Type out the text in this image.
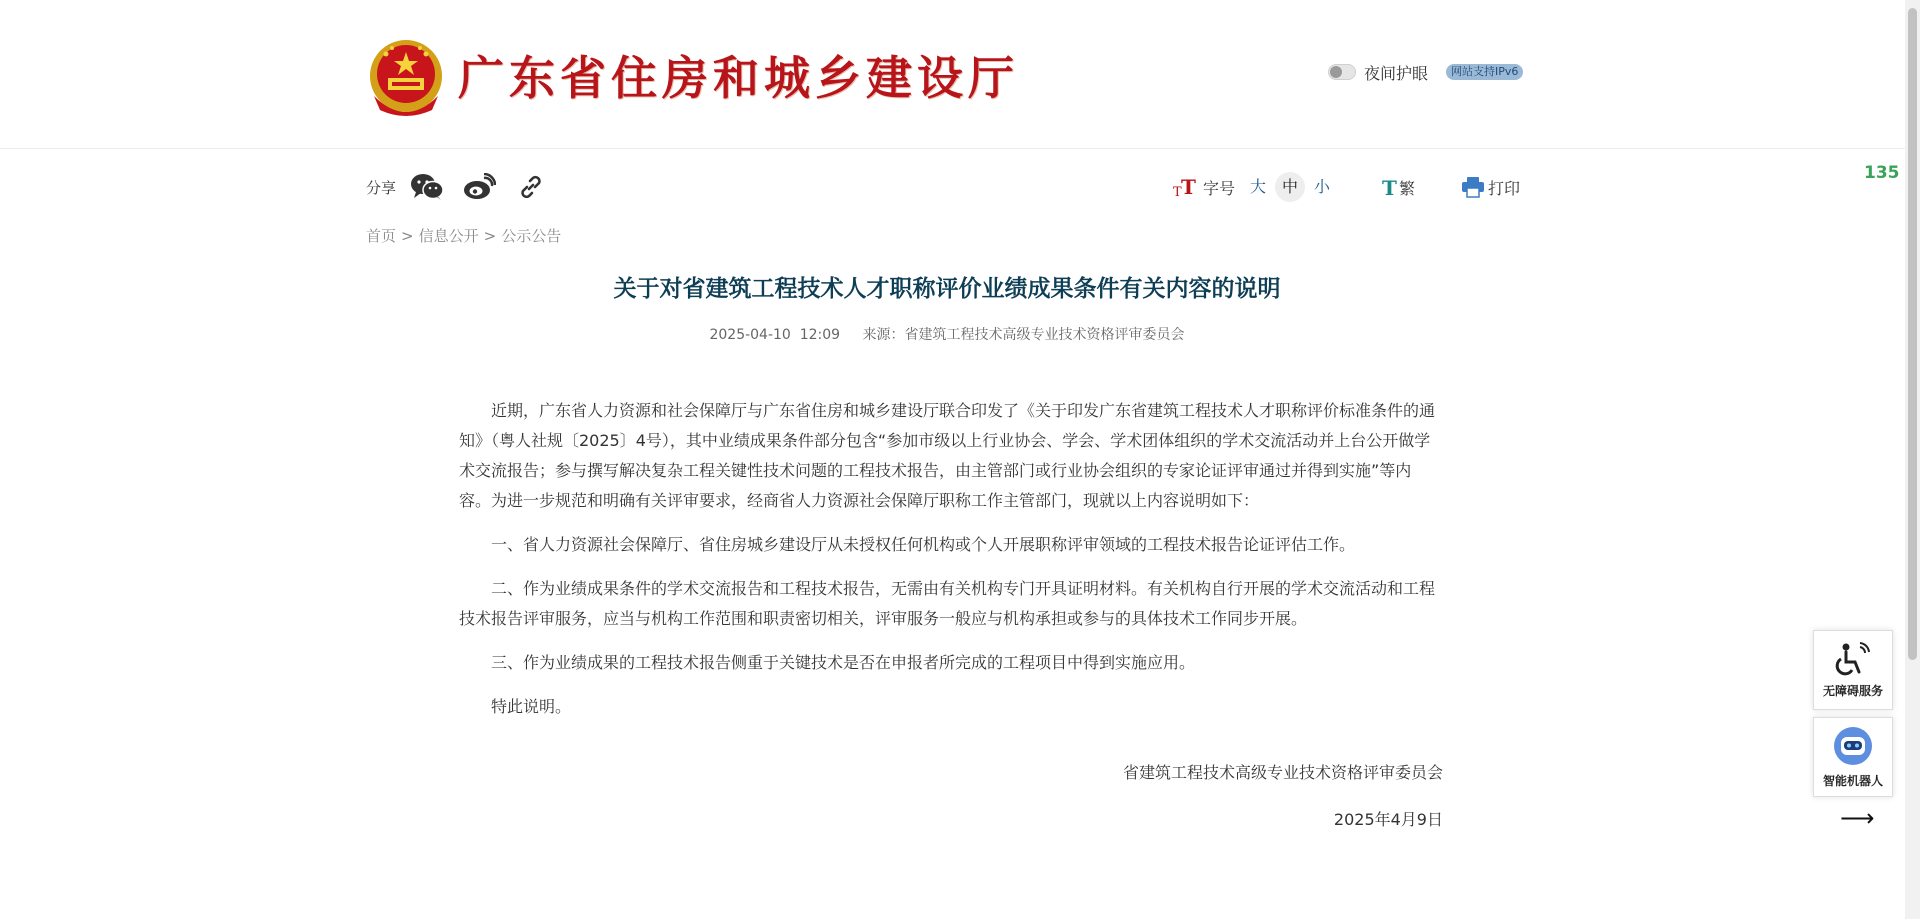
广东省住房和城乡建设厅	夜间护眼	网站支持IPv6
分享	T T 字号 大 中 小	T 繁	打印
首页 > 信息公开 > 公示公告
关于对省建筑工程技术人才职称评价业绩成果条件有关内容的说明
2025-04-10  12:09 来源：省建筑工程技术高级专业技术资格评审委员会

近期，广东省人力资源和社会保障厅与广东省住房和城乡建设厅联合印发了《关于印发广东省建筑工程技术人才职称评价标准条件的通知》（粤人社规〔2025〕4号），其中业绩成果条件部分包含“参加市级以上行业协会、学会、学术团体组织的学术交流活动并上台公开做学术交流报告；参与撰写解决复杂工程关键性技术问题的工程技术报告，由主管部门或行业协会组织的专家论证评审通过并得到实施”等内容。为进一步规范和明确有关评审要求，经商省人力资源社会保障厅职称工作主管部门，现就以上内容说明如下：

一、省人力资源社会保障厅、省住房城乡建设厅从未授权任何机构或个人开展职称评审领域的工程技术报告论证评估工作。

二、作为业绩成果条件的学术交流报告和工程技术报告，无需由有关机构专门开具证明材料。有关机构自行开展的学术交流活动和工程技术报告评审服务，应当与机构工作范围和职责密切相关，评审服务一般应与机构承担或参与的具体技术工作同步开展。

三、作为业绩成果的工程技术报告侧重于关键技术是否在申报者所完成的工程项目中得到实施应用。

特此说明。

省建筑工程技术高级专业技术资格评审委员会

2025年4月9日

135
无障碍服务
智能机器人
⟶
